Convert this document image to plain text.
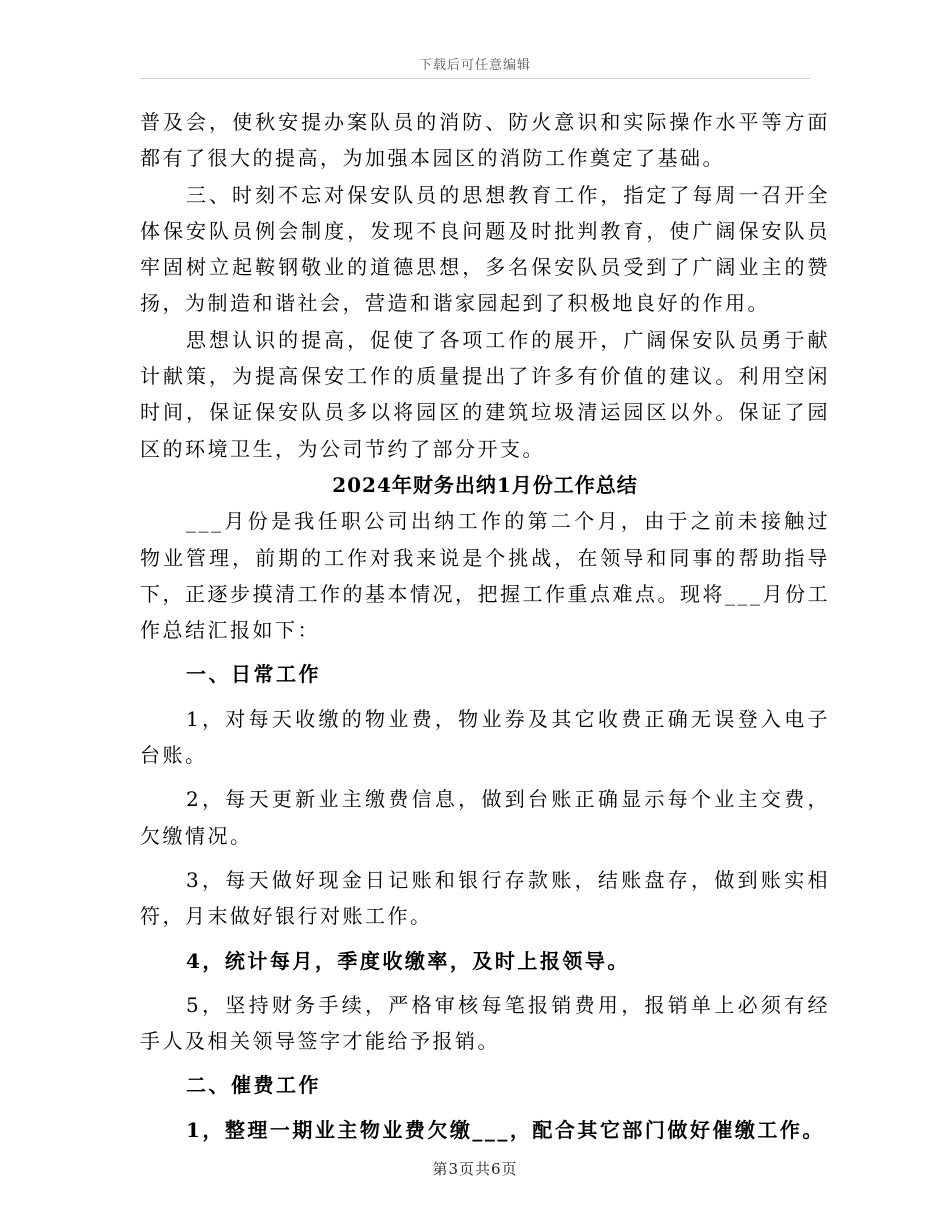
下载后可任意编辑

普及会，使秋安提办案队员的消防、防火意识和实际操作水平等方面都有了很大的提高，为加强本园区的消防工作奠定了基础。

三、时刻不忘对保安队员的思想教育工作，指定了每周一召开全体保安队员例会制度，发现不良问题及时批判教育，使广阔保安队员牢固树立起鞍钢敬业的道德思想，多名保安队员受到了广阔业主的赞扬，为制造和谐社会，营造和谐家园起到了积极地良好的作用。

思想认识的提高，促使了各项工作的展开，广阔保安队员勇于献计献策，为提高保安工作的质量提出了许多有价值的建议。利用空闲时间，保证保安队员多以将园区的建筑垃圾清运园区以外。保证了园区的环境卫生，为公司节约了部分开支。

2024年财务出纳1月份工作总结

___月份是我任职公司出纳工作的第二个月，由于之前未接触过物业管理，前期的工作对我来说是个挑战，在领导和同事的帮助指导下，正逐步摸清工作的基本情况，把握工作重点难点。现将___月份工作总结汇报如下：

一、日常工作

1，对每天收缴的物业费，物业券及其它收费正确无误登入电子台账。

2，每天更新业主缴费信息，做到台账正确显示每个业主交费，欠缴情况。

3，每天做好现金日记账和银行存款账，结账盘存，做到账实相符，月末做好银行对账工作。

4，统计每月，季度收缴率，及时上报领导。

5，坚持财务手续，严格审核每笔报销费用，报销单上必须有经手人及相关领导签字才能给予报销。

二、催费工作

1，整理一期业主物业费欠缴___，配合其它部门做好催缴工作。

第3页共6页
